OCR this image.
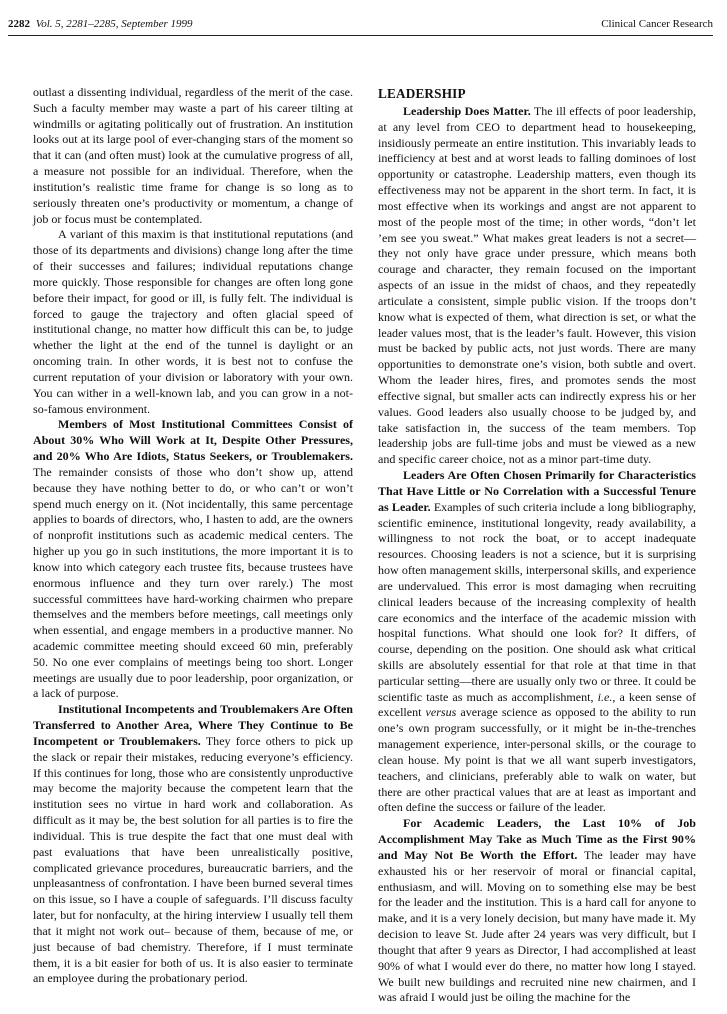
2282 Vol. 5, 2281–2285, September 1999	Clinical Cancer Research

outlast a dissenting individual, regardless of the merit of the case. Such a faculty member may waste a part of his career tilting at windmills or agitating politically out of frustration. An institution looks out at its large pool of ever-changing stars of the moment so that it can (and often must) look at the cumulative progress of all, a measure not possible for an individual. Therefore, when the institution’s realistic time frame for change is so long as to seriously threaten one’s productivity or momentum, a change of job or focus must be contemplated.

A variant of this maxim is that institutional reputations (and those of its departments and divisions) change long after the time of their successes and failures; individual reputations change more quickly. Those responsible for changes are often long gone before their impact, for good or ill, is fully felt. The individual is forced to gauge the trajectory and often glacial speed of institutional change, no matter how difficult this can be, to judge whether the light at the end of the tunnel is daylight or an oncoming train. In other words, it is best not to confuse the current reputation of your division or laboratory with your own. You can wither in a well-known lab, and you can grow in a not-so-famous environment.

Members of Most Institutional Committees Consist of About 30% Who Will Work at It, Despite Other Pressures, and 20% Who Are Idiots, Status Seekers, or Troublemakers. The remainder consists of those who don’t show up, attend because they have nothing better to do, or who can’t or won’t spend much energy on it. (Not incidentally, this same percentage applies to boards of directors, who, I hasten to add, are the owners of nonprofit institutions such as academic medical centers. The higher up you go in such institutions, the more important it is to know into which category each trustee fits, because trustees have enormous influence and they turn over rarely.) The most successful committees have hard-working chairmen who prepare themselves and the members before meetings, call meetings only when essential, and engage members in a productive manner. No academic committee meeting should exceed 60 min, preferably 50. No one ever complains of meetings being too short. Longer meetings are usually due to poor leadership, poor organization, or a lack of purpose.

Institutional Incompetents and Troublemakers Are Often Transferred to Another Area, Where They Continue to Be Incompetent or Troublemakers. They force others to pick up the slack or repair their mistakes, reducing everyone’s efficiency. If this continues for long, those who are consistently unproductive may become the majority because the competent learn that the institution sees no virtue in hard work and collaboration. As difficult as it may be, the best solution for all parties is to fire the individual. This is true despite the fact that one must deal with past evaluations that have been unrealistically positive, complicated grievance procedures, bureaucratic barriers, and the unpleasantness of confrontation. I have been burned several times on this issue, so I have a couple of safeguards. I’ll discuss faculty later, but for nonfaculty, at the hiring interview I usually tell them that it might not work out– because of them, because of me, or just because of bad chemistry. Therefore, if I must terminate them, it is a bit easier for both of us. It is also easier to terminate an employee during the probationary period.

LEADERSHIP

Leadership Does Matter. The ill effects of poor leadership, at any level from CEO to department head to housekeeping, insidiously permeate an entire institution. This invariably leads to inefficiency at best and at worst leads to falling dominoes of lost opportunity or catastrophe. Leadership matters, even though its effectiveness may not be apparent in the short term. In fact, it is most effective when its workings and angst are not apparent to most of the people most of the time; in other words, “don’t let ’em see you sweat.” What makes great leaders is not a secret—they not only have grace under pressure, which means both courage and character, they remain focused on the important aspects of an issue in the midst of chaos, and they repeatedly articulate a consistent, simple public vision. If the troops don’t know what is expected of them, what direction is set, or what the leader values most, that is the leader’s fault. However, this vision must be backed by public acts, not just words. There are many opportunities to demonstrate one’s vision, both subtle and overt. Whom the leader hires, fires, and promotes sends the most effective signal, but smaller acts can indirectly express his or her values. Good leaders also usually choose to be judged by, and take satisfaction in, the success of the team members. Top leadership jobs are full-time jobs and must be viewed as a new and specific career choice, not as a minor part-time duty.

Leaders Are Often Chosen Primarily for Characteristics That Have Little or No Correlation with a Successful Tenure as Leader. Examples of such criteria include a long bibliography, scientific eminence, institutional longevity, ready availability, a willingness to not rock the boat, or to accept inadequate resources. Choosing leaders is not a science, but it is surprising how often management skills, interpersonal skills, and experience are undervalued. This error is most damaging when recruiting clinical leaders because of the increasing complexity of health care economics and the interface of the academic mission with hospital functions. What should one look for? It differs, of course, depending on the position. One should ask what critical skills are absolutely essential for that role at that time in that particular setting—there are usually only two or three. It could be scientific taste as much as accomplishment, i.e., a keen sense of excellent versus average science as opposed to the ability to run one’s own program successfully, or it might be in-the-trenches management experience, inter-personal skills, or the courage to clean house. My point is that we all want superb investigators, teachers, and clinicians, preferably able to walk on water, but there are other practical values that are at least as important and often define the success or failure of the leader.

For Academic Leaders, the Last 10% of Job Accomplishment May Take as Much Time as the First 90% and May Not Be Worth the Effort. The leader may have exhausted his or her reservoir of moral or financial capital, enthusiasm, and will. Moving on to something else may be best for the leader and the institution. This is a hard call for anyone to make, and it is a very lonely decision, but many have made it. My decision to leave St. Jude after 24 years was very difficult, but I thought that after 9 years as Director, I had accomplished at least 90% of what I would ever do there, no matter how long I stayed. We built new buildings and recruited nine new chairmen, and I was afraid I would just be oiling the machine for the
